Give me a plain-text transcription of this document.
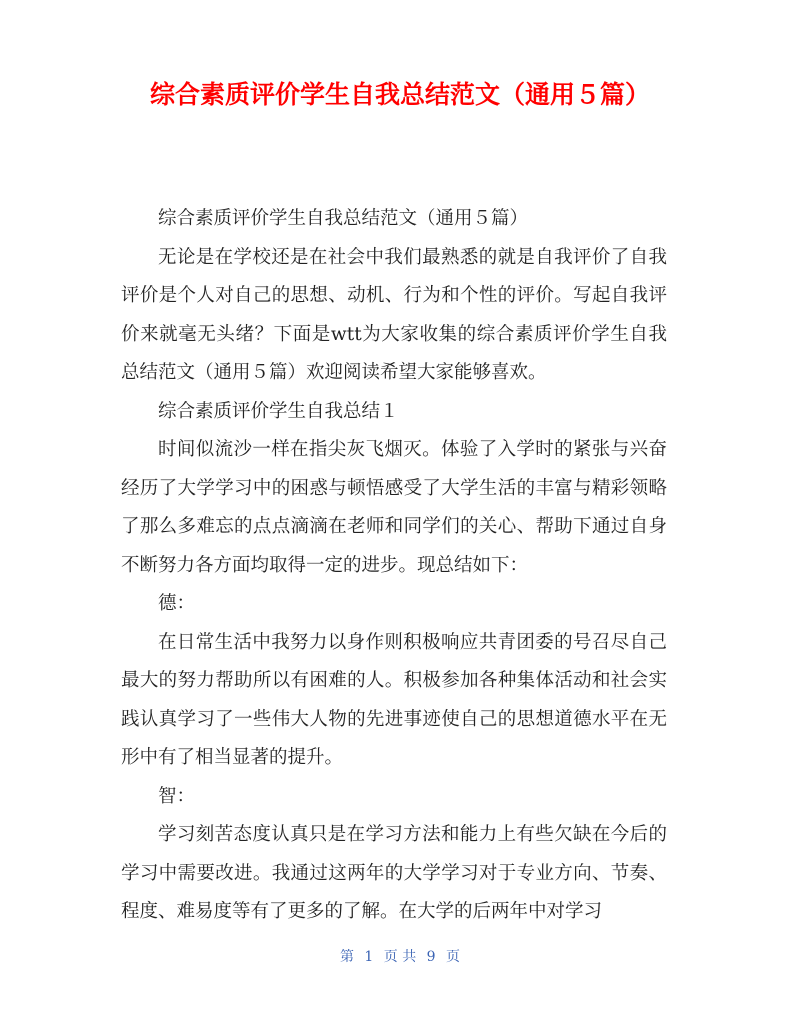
综合素质评价学生自我总结范文（通用５篇）

综合素质评价学生自我总结范文（通用５篇）

无论是在学校还是在社会中我们最熟悉的就是自我评价了自我评价是个人对自己的思想、动机、行为和个性的评价。写起自我评价来就毫无头绪？下面是wtt为大家收集的综合素质评价学生自我总结范文（通用５篇）欢迎阅读希望大家能够喜欢。

综合素质评价学生自我总结１

时间似流沙一样在指尖灰飞烟灭。体验了入学时的紧张与兴奋经历了大学学习中的困惑与顿悟感受了大学生活的丰富与精彩领略了那么多难忘的点点滴滴在老师和同学们的关心、帮助下通过自身不断努力各方面均取得一定的进步。现总结如下：

德：

在日常生活中我努力以身作则积极响应共青团委的号召尽自己最大的努力帮助所以有困难的人。积极参加各种集体活动和社会实践认真学习了一些伟大人物的先进事迹使自己的思想道德水平在无形中有了相当显著的提升。

智：

学习刻苦态度认真只是在学习方法和能力上有些欠缺在今后的学习中需要改进。我通过这两年的大学学习对于专业方向、节奏、程度、难易度等有了更多的了解。在大学的后两年中对学习

第 1 页 共 9 页
